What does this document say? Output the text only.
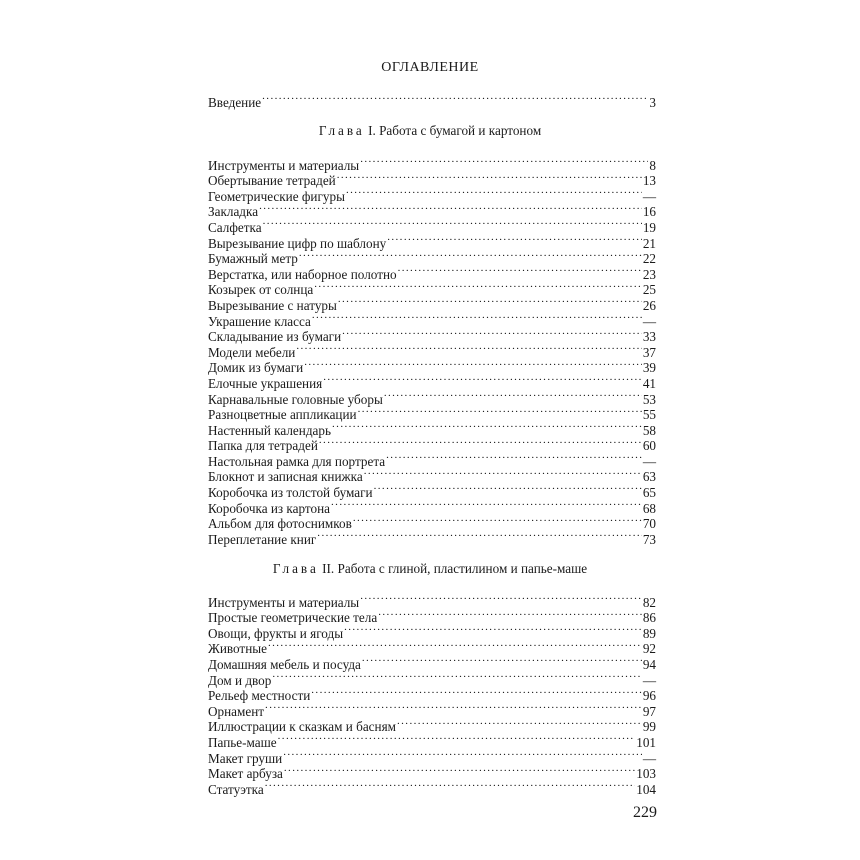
ОГЛАВЛЕНИЕ
Введение .....	3
Глава I. Работа с бумагой и картоном
Инструменты и материалы .....	8
Обертывание тетрадей .....	13
Геометрические фигуры .....	—
Закладка .....	16
Салфетка .....	19
Вырезывание цифр по шаблону .....	21
Бумажный метр .....	22
Верстатка, или наборное полотно .....	23
Козырек от солнца .....	25
Вырезывание с натуры .....	26
Украшение класса .....	—
Складывание из бумаги .....	33
Модели мебели .....	37
Домик из бумаги .....	39
Елочные украшения .....	41
Карнавальные головные уборы .....	53
Разноцветные аппликации .....	55
Настенный календарь .....	58
Папка для тетрадей .....	60
Настольная рамка для портрета .....	—
Блокнот и записная книжка .....	63
Коробочка из толстой бумаги .....	65
Коробочка из картона .....	68
Альбом для фотоснимков .....	70
Переплетание книг .....	73
Глава II. Работа с глиной, пластилином и папье-маше
Инструменты и материалы .....	82
Простые геометрические тела .....	86
Овощи, фрукты и ягоды .....	89
Животные .....	92
Домашняя мебель и посуда .....	94
Дом и двор .....	—
Рельеф местности .....	96
Орнамент .....	97
Иллюстрации к сказкам и басням .....	99
Папье-маше .....	101
Макет груши .....	—
Макет арбуза .....	103
Статуэтка .....	104
229
